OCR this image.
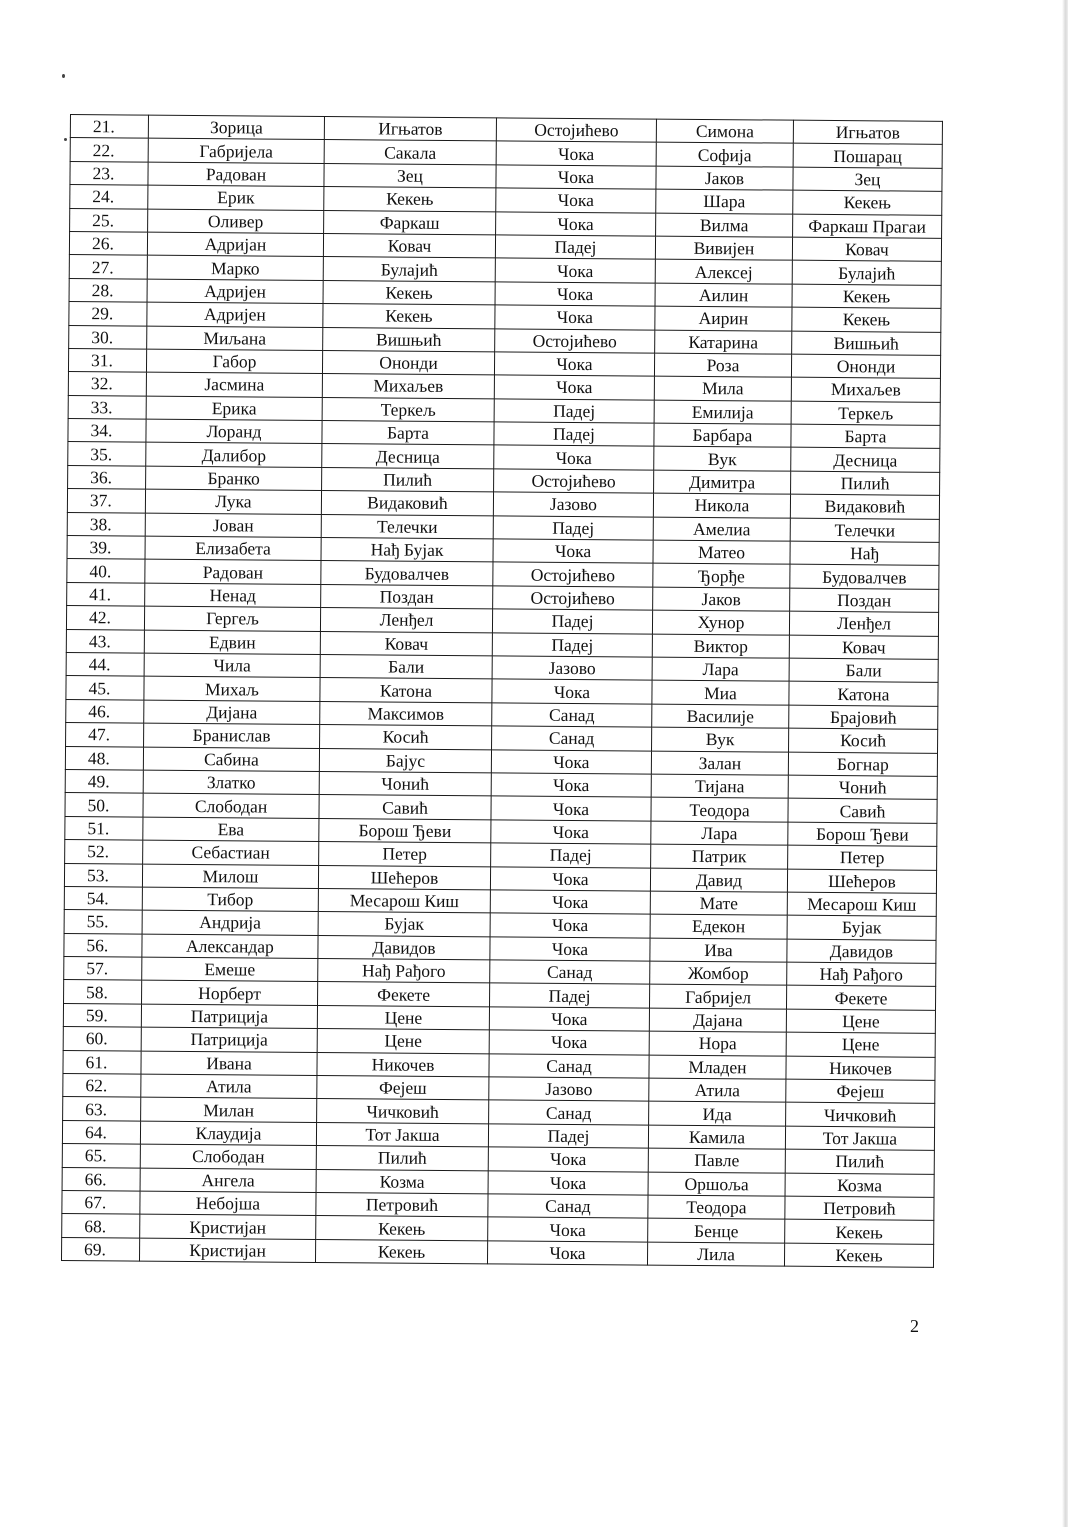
21.	Зорица	Игњатов	Остојићево	Симона	Игњатов
22.	Габријела	Сакала	Чока	Софија	Пошарац
23.	Радован	Зец	Чока	Јаков	Зец
24.	Ерик	Кекењ	Чока	Шара	Кекењ
25.	Оливер	Фаркаш	Чока	Вилма	Фаркаш Прагаи
26.	Адријан	Ковач	Падеј	Вивијен	Ковач
27.	Марко	Булајић	Чока	Алексеј	Булајић
28.	Адријен	Кекењ	Чока	Аилин	Кекењ
29.	Адријен	Кекењ	Чока	Аирин	Кекењ
30.	Миљана	Вишњић	Остојићево	Катарина	Вишњић
31.	Габор	Ононди	Чока	Роза	Ононди
32.	Јасмина	Михаљев	Чока	Мила	Михаљев
33.	Ерика	Теркељ	Падеј	Емилија	Теркељ
34.	Лоранд	Барта	Падеј	Барбара	Барта
35.	Далибор	Десница	Чока	Вук	Десница
36.	Бранко	Пилић	Остојићево	Димитра	Пилић
37.	Лука	Видаковић	Јазово	Никола	Видаковић
38.	Јован	Телечки	Падеј	Амелиа	Телечки
39.	Елизабета	Нађ Бујак	Чока	Матео	Нађ
40.	Радован	Будовалчев	Остојићево	Ђорђе	Будовалчев
41.	Ненад	Поздан	Остојићево	Јаков	Поздан
42.	Гергељ	Ленђел	Падеј	Хунор	Ленђел
43.	Едвин	Ковач	Падеј	Виктор	Ковач
44.	Чила	Бали	Јазово	Лара	Бали
45.	Михаљ	Катона	Чока	Миа	Катона
46.	Дијана	Максимов	Санад	Василије	Брајовић
47.	Бранислав	Косић	Санад	Вук	Косић
48.	Сабина	Бајус	Чока	Залан	Богнар
49.	Златко	Чонић	Чока	Тијана	Чонић
50.	Слободан	Савић	Чока	Теодора	Савић
51.	Ева	Борош Ђеви	Чока	Лара	Борош Ђеви
52.	Себастиан	Петер	Падеј	Патрик	Петер
53.	Милош	Шећеров	Чока	Давид	Шећеров
54.	Тибор	Месарош Киш	Чока	Мате	Месарош Киш
55.	Андрија	Бујак	Чока	Едекон	Бујак
56.	Александар	Давидов	Чока	Ива	Давидов
57.	Емеше	Нађ Рађого	Санад	Жомбор	Нађ Рађого
58.	Норберт	Фекете	Падеј	Габријел	Фекете
59.	Патриција	Цене	Чока	Дајана	Цене
60.	Патриција	Цене	Чока	Нора	Цене
61.	Ивана	Никочев	Санад	Младен	Никочев
62.	Атила	Фејеш	Јазово	Атила	Фејеш
63.	Милан	Чичковић	Санад	Ида	Чичковић
64.	Клаудија	Тот Јакша	Падеј	Камила	Тот Јакша
65.	Слободан	Пилић	Чока	Павле	Пилић
66.	Ангела	Козма	Чока	Оршоља	Козма
67.	Небојша	Петровић	Санад	Теодора	Петровић
68.	Кристијан	Кекењ	Чока	Бенце	Кекењ
69.	Кристијан	Кекењ	Чока	Лила	Кекењ
2
